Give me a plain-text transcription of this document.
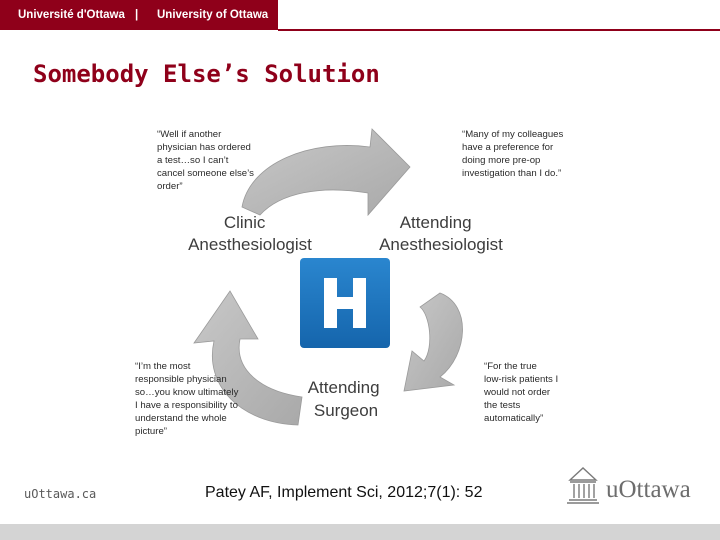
Université d'Ottawa | University of Ottawa
Somebody Else’s Solution
Clinic Anesthesiologist
Attending Anesthesiologist
Attending Surgeon
“Well if another physician has ordered a test…so I can’t cancel someone else’s order”
“Many of my colleagues have a preference for doing more pre-op investigation than I do.”
“I’m the most responsible physician so…you know ultimately I have a responsibility to understand the whole picture”
“For the true low-risk patients I would not order the tests automatically”
uOttawa.ca	Patey AF, Implement Sci, 2012;7(1): 52	uOttawa
